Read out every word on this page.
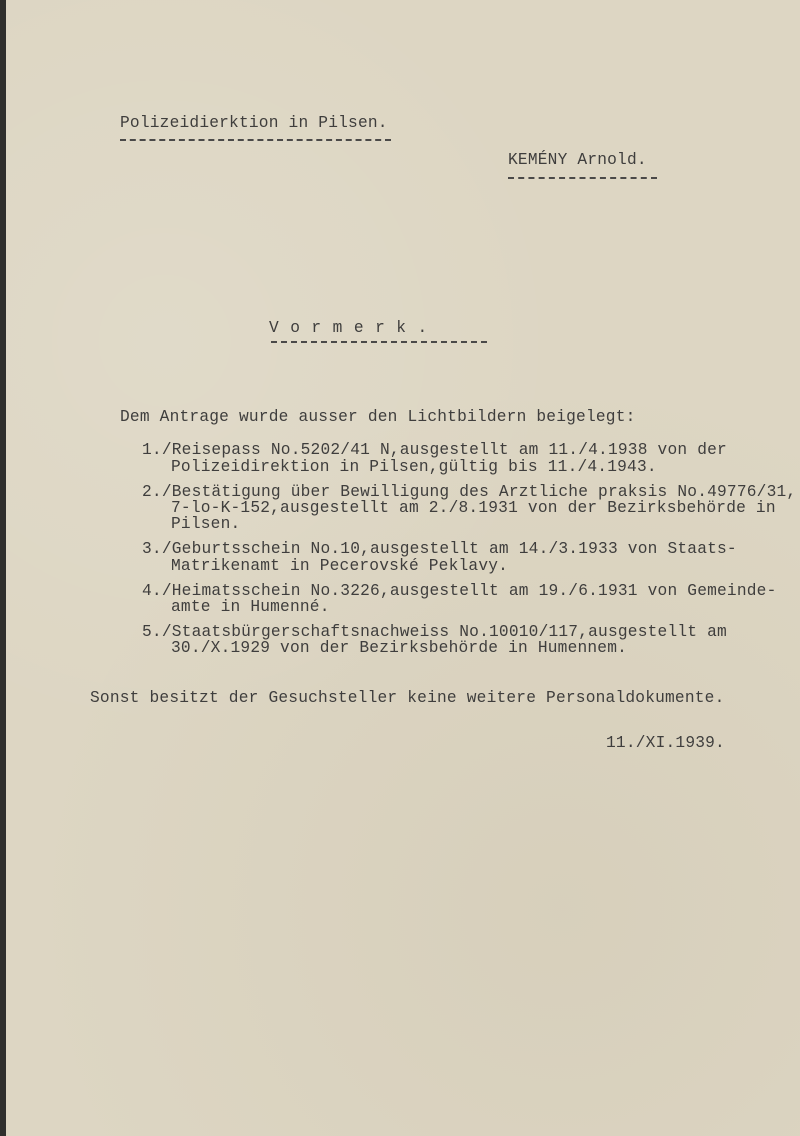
Polizeidierktion in Pilsen.
KEMÉNY Arnold.
Vormerk.
Dem Antrage wurde ausser den Lichtbildern beigelegt:
1./Reisepass No.5202/41 N,ausgestellt am 11./4.1938 von der
Polizeidirektion in Pilsen,gültig bis 11./4.1943.
2./Bestätigung über Bewilligung des Arztliche praksis No.49776/31,
7-lo-K-152,ausgestellt am 2./8.1931 von der Bezirksbehörde in
Pilsen.
3./Geburtsschein No.10,ausgestellt am 14./3.1933 von Staats-
Matrikenamt in Pecerovské Peklavy.
4./Heimatsschein No.3226,ausgestellt am 19./6.1931 von Gemeinde-
amte in Humenné.
5./Staatsbürgerschaftsnachweiss No.10010/117,ausgestellt am
30./X.1929 von der Bezirksbehörde in Humennem.
Sonst besitzt der Gesuchsteller keine weitere Personaldokumente.
11./XI.1939.
